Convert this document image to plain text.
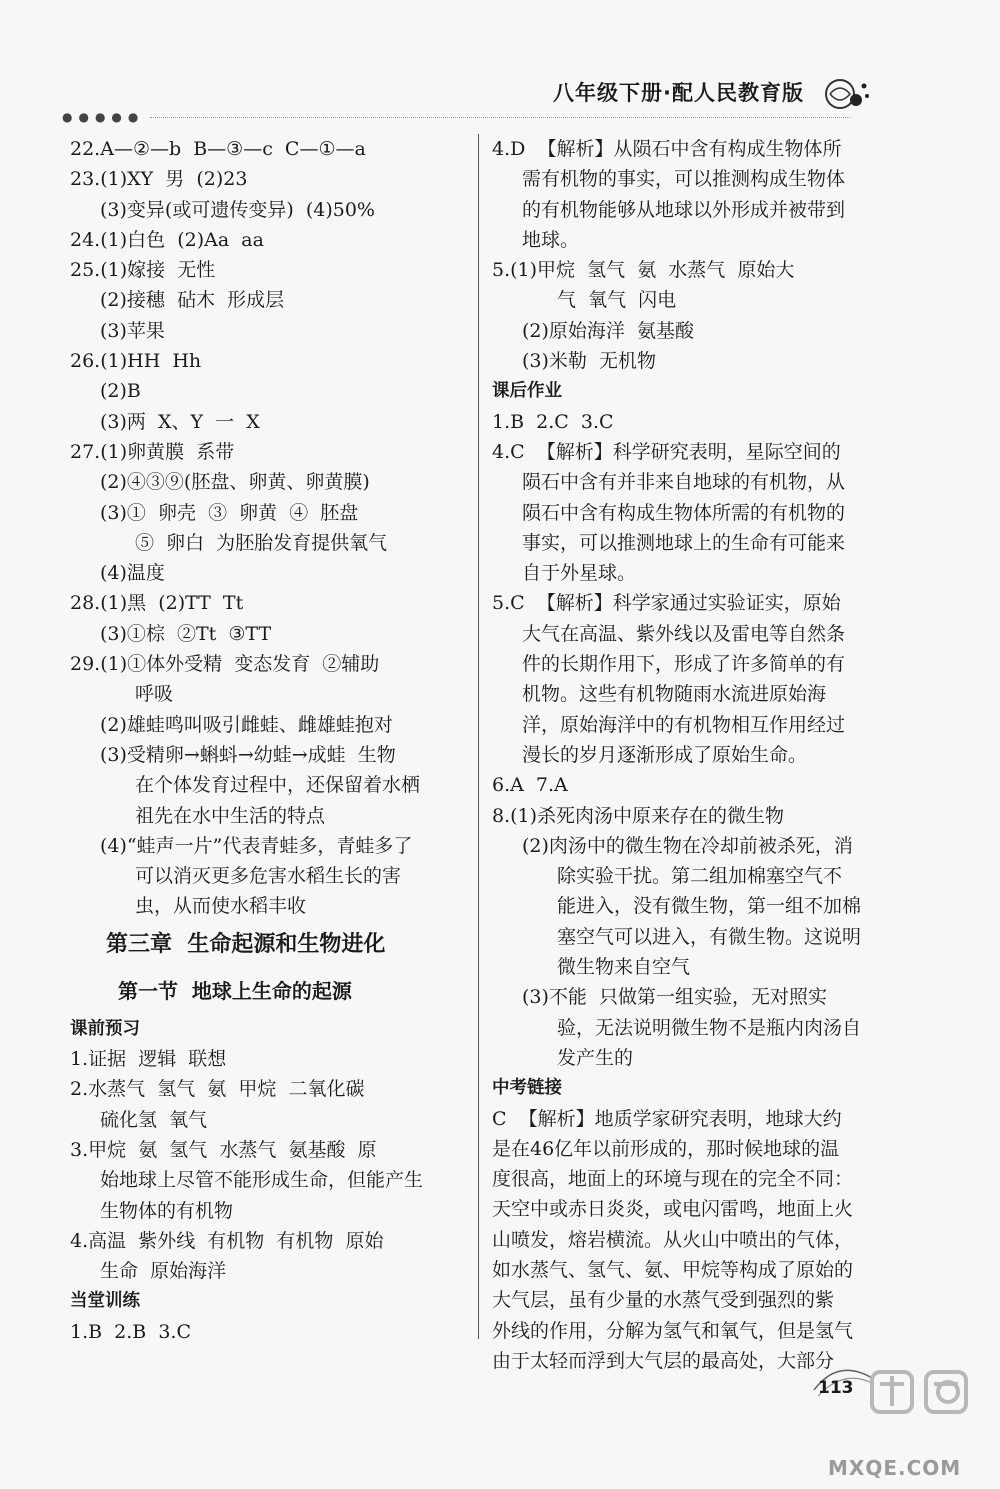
●●●●●
八年级下册·配人民教育版
22.A—②—b  B—③—c  C—①—a
23.(1)XY  男  (2)23
(3)变异(或可遗传变异)  (4)50%
24.(1)白色  (2)Aa  aa
25.(1)嫁接  无性
(2)接穗  砧木  形成层
(3)苹果
26.(1)HH  Hh
(2)B
(3)两  X、Y  一  X
27.(1)卵黄膜  系带
(2)④③⑨(胚盘、卵黄、卵黄膜)
(3)①  卵壳  ③  卵黄  ④  胚盘
⑤  卵白  为胚胎发育提供氧气
(4)温度
28.(1)黑  (2)TT  Tt
(3)①棕  ②Tt  ③TT
29.(1)①体外受精  变态发育  ②辅助
呼吸
(2)雄蛙鸣叫吸引雌蛙、雌雄蛙抱对
(3)受精卵→蝌蚪→幼蛙→成蛙  生物
在个体发育过程中，还保留着水栖
祖先在水中生活的特点
(4)“蛙声一片”代表青蛙多，青蛙多了
可以消灭更多危害水稻生长的害
虫，从而使水稻丰收
第三章  生命起源和生物进化
第一节  地球上生命的起源
课前预习
1.证据  逻辑  联想
2.水蒸气  氢气  氨  甲烷  二氧化碳
硫化氢  氧气
3.甲烷  氨  氢气  水蒸气  氨基酸  原
始地球上尽管不能形成生命，但能产生
生物体的有机物
4.高温  紫外线  有机物  有机物  原始
生命  原始海洋
当堂训练
1.B  2.B  3.C
4.D  【解析】从陨石中含有构成生物体所
需有机物的事实，可以推测构成生物体
的有机物能够从地球以外形成并被带到
地球。
5.(1)甲烷  氢气  氨  水蒸气  原始大
气  氧气  闪电
(2)原始海洋  氨基酸
(3)米勒  无机物
课后作业
1.B  2.C  3.C
4.C  【解析】科学研究表明，星际空间的
陨石中含有并非来自地球的有机物，从
陨石中含有构成生物体所需的有机物的
事实，可以推测地球上的生命有可能来
自于外星球。
5.C  【解析】科学家通过实验证实，原始
大气在高温、紫外线以及雷电等自然条
件的长期作用下，形成了许多简单的有
机物。这些有机物随雨水流进原始海
洋，原始海洋中的有机物相互作用经过
漫长的岁月逐渐形成了原始生命。
6.A  7.A
8.(1)杀死肉汤中原来存在的微生物
(2)肉汤中的微生物在冷却前被杀死，消
除实验干扰。第二组加棉塞空气不
能进入，没有微生物，第一组不加棉
塞空气可以进入，有微生物。这说明
微生物来自空气
(3)不能  只做第一组实验，无对照实
验，无法说明微生物不是瓶内肉汤自
发产生的
中考链接
C  【解析】地质学家研究表明，地球大约
是在46亿年以前形成的，那时候地球的温
度很高，地面上的环境与现在的完全不同：
天空中或赤日炎炎，或电闪雷鸣，地面上火
山喷发，熔岩横流。从火山中喷出的气体，
如水蒸气、氢气、氨、甲烷等构成了原始的
大气层，虽有少量的水蒸气受到强烈的紫
外线的作用，分解为氢气和氧气，但是氢气
由于太轻而浮到大气层的最高处，大部分
113
MXQE.COM
